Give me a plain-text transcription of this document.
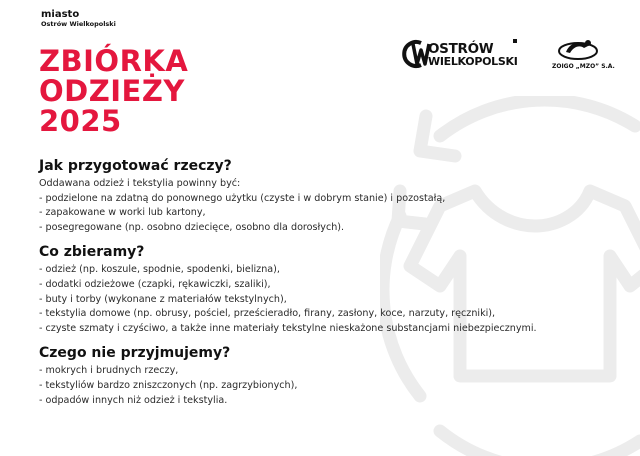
miasto
Ostrów Wielkopolski
ZBIÓRKA
ODZIEŻY
2025
OSTRÓW
WIELKOPOLSKI	ZOIGO „MZO” S.A.
Jak przygotować rzeczy?

Oddawana odzież i tekstylia powinny być:

- podzielone na zdatną do ponownego użytku (czyste i w dobrym stanie) i pozostałą,
- zapakowane w worki lub kartony,
- posegregowane (np. osobno dziecięce, osobno dla dorosłych).
Co zbieramy?
- odzież (np. koszule, spodnie, spodenki, bielizna),
- dodatki odzieżowe (czapki, rękawiczki, szaliki),
- buty i torby (wykonane z materiałów tekstylnych),
- tekstylia domowe (np. obrusy, pościel, prześcieradło, firany, zasłony, koce, narzuty, ręczniki),
- czyste szmaty i czyściwo, a także inne materiały tekstylne nieskażone substancjami niebezpiecznymi.
Czego nie przyjmujemy?
- mokrych i brudnych rzeczy,
- tekstyliów bardzo zniszczonych (np. zagrzybionych),
- odpadów innych niż odzież i tekstylia.
